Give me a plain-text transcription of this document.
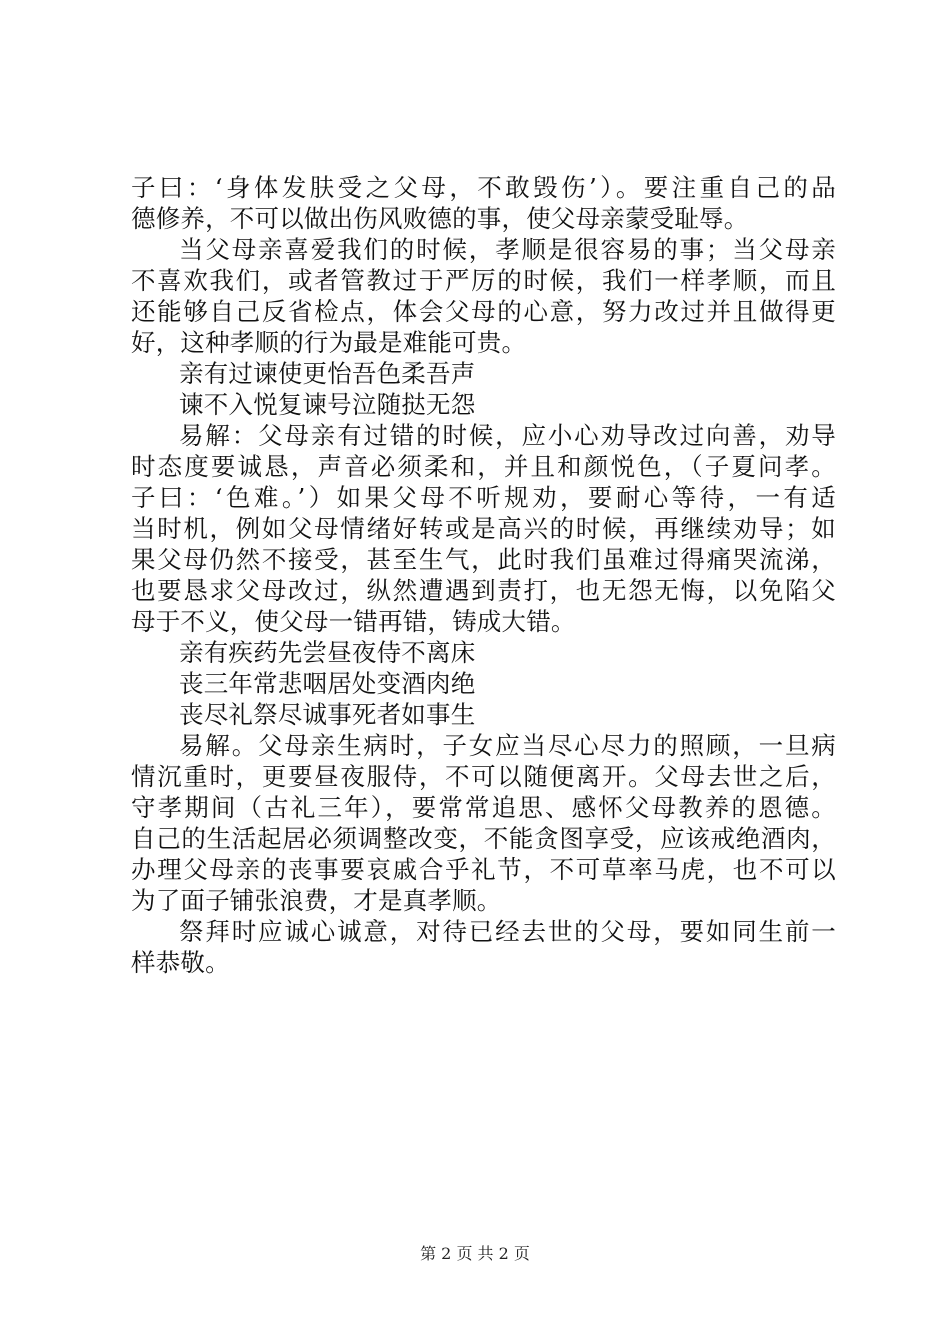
子曰：‘身体发肤受之父母，不敢毁伤’）。要注重自己的品
德修养，不可以做出伤风败德的事，使父母亲蒙受耻辱。
当父母亲喜爱我们的时候，孝顺是很容易的事；当父母亲
不喜欢我们，或者管教过于严厉的时候，我们一样孝顺，而且
还能够自己反省检点，体会父母的心意，努力改过并且做得更
好，这种孝顺的行为最是难能可贵。
亲有过谏使更怡吾色柔吾声
谏不入悦复谏号泣随挞无怨
易解：父母亲有过错的时候，应小心劝导改过向善，劝导
时态度要诚恳，声音必须柔和，并且和颜悦色，（子夏问孝。
子曰：‘色难。’）如果父母不听规劝，要耐心等待，一有适
当时机，例如父母情绪好转或是高兴的时候，再继续劝导；如
果父母仍然不接受，甚至生气，此时我们虽难过得痛哭流涕，
也要恳求父母改过，纵然遭遇到责打，也无怨无悔，以免陷父
母于不义，使父母一错再错，铸成大错。
亲有疾药先尝昼夜侍不离床
丧三年常悲咽居处变酒肉绝
丧尽礼祭尽诚事死者如事生
易解。父母亲生病时，子女应当尽心尽力的照顾，一旦病
情沉重时，更要昼夜服侍，不可以随便离开。父母去世之后，
守孝期间（古礼三年），要常常追思、感怀父母教养的恩德。
自己的生活起居必须调整改变，不能贪图享受，应该戒绝酒肉，
办理父母亲的丧事要哀戚合乎礼节，不可草率马虎，也不可以
为了面子铺张浪费，才是真孝顺。
祭拜时应诚心诚意，对待已经去世的父母，要如同生前一
样恭敬。
第 2 页 共 2 页
